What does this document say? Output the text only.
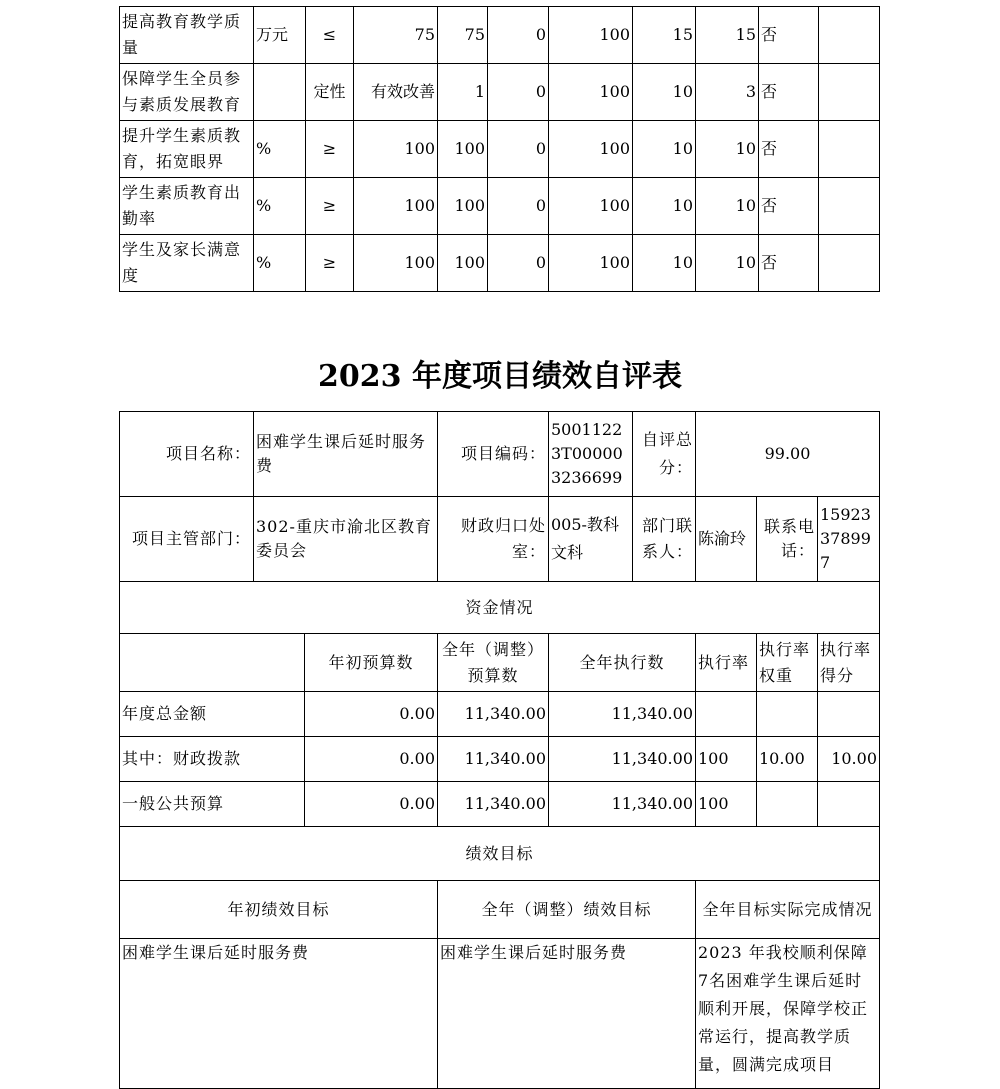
提高教育教学质量	万元	≤	75	75	0	100	15	15	否	
保障学生全员参与素质发展教育		定性	有效改善	1	0	100	10	3	否	
提升学生素质教育，拓宽眼界	%	≥	100	100	0	100	10	10	否	
学生素质教育出勤率	%	≥	100	100	0	100	10	10	否	
学生及家长满意度	%	≥	100	100	0	100	10	10	否	
2023 年度项目绩效自评表
项目名称：	困难学生课后延时服务费		项目编码：	50011223T000003236699	自评总分：	99.00		
项目主管部门：	302-重庆市渝北区教育委员会		财政归口处室：	005-教科文科	部门联系人：	陈渝玲	联系电话：	15923378997
资金情况								
		年初预算数	全年（调整）预算数	全年执行数		执行率	执行率权重	执行率得分
年度总金额		0.00	11,340.00	11,340.00				
其中：财政拨款		0.00	11,340.00	11,340.00		100	10.00	10.00
一般公共预算		0.00	11,340.00	11,340.00		100		
绩效目标								
年初绩效目标			全年（调整）绩效目标			全年目标实际完成情况		
困难学生课后延时服务费			困难学生课后延时服务费			2023 年我校顺利保障7名困难学生课后延时顺利开展，保障学校正常运行，提高教学质量，圆满完成项目		
